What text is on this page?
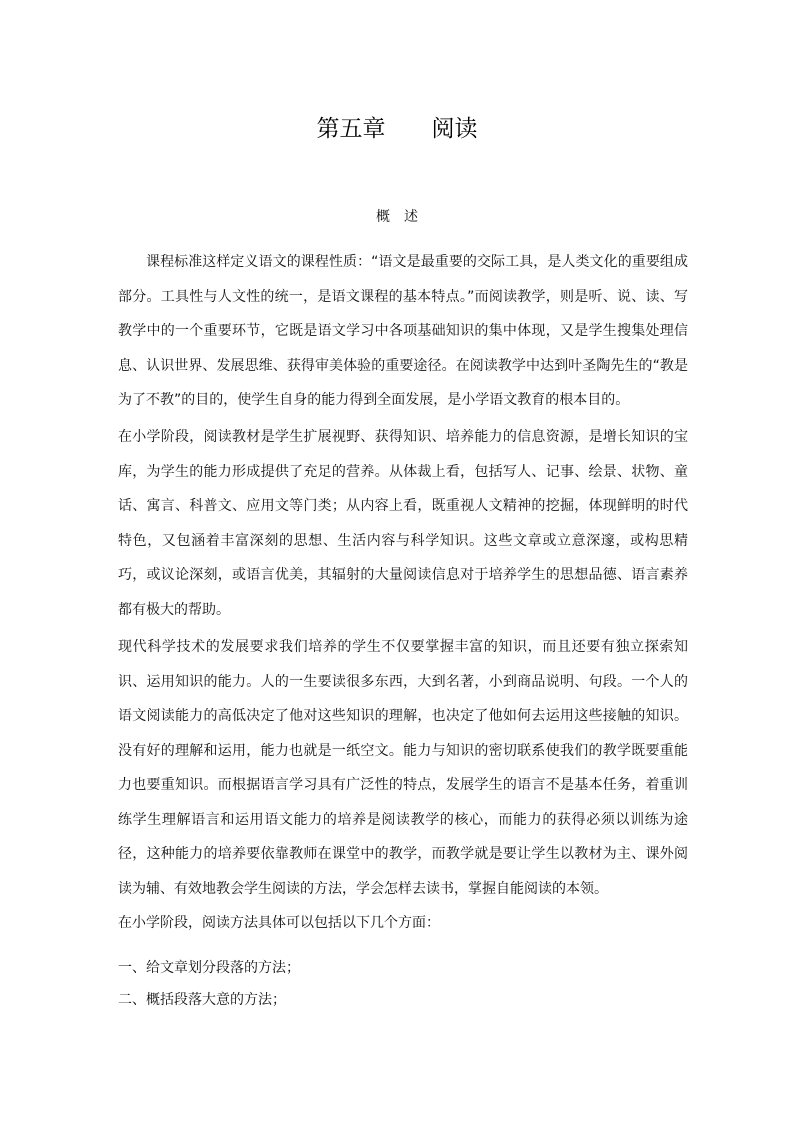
第五章　　阅读
概　述

课程标准这样定义语文的课程性质：“语文是最重要的交际工具，是人类文化的重要组成部分。工具性与人文性的统一，是语文课程的基本特点。”而阅读教学，则是听、说、读、写教学中的一个重要环节，它既是语文学习中各项基础知识的集中体现，又是学生搜集处理信息、认识世界、发展思维、获得审美体验的重要途径。在阅读教学中达到叶圣陶先生的“教是为了不教”的目的，使学生自身的能力得到全面发展，是小学语文教育的根本目的。

在小学阶段，阅读教材是学生扩展视野、获得知识、培养能力的信息资源，是增长知识的宝库，为学生的能力形成提供了充足的营养。从体裁上看，包括写人、记事、绘景、状物、童话、寓言、科普文、应用文等门类；从内容上看，既重视人文精神的挖掘，体现鲜明的时代特色，又包涵着丰富深刻的思想、生活内容与科学知识。这些文章或立意深邃，或构思精巧，或议论深刻，或语言优美，其辐射的大量阅读信息对于培养学生的思想品德、语言素养都有极大的帮助。

现代科学技术的发展要求我们培养的学生不仅要掌握丰富的知识，而且还要有独立探索知识、运用知识的能力。人的一生要读很多东西，大到名著，小到商品说明、句段。一个人的语文阅读能力的高低决定了他对这些知识的理解，也决定了他如何去运用这些接触的知识。没有好的理解和运用，能力也就是一纸空文。能力与知识的密切联系使我们的教学既要重能力也要重知识。而根据语言学习具有广泛性的特点，发展学生的语言不是基本任务，着重训练学生理解语言和运用语文能力的培养是阅读教学的核心，而能力的获得必须以训练为途径，这种能力的培养要依靠教师在课堂中的教学，而教学就是要让学生以教材为主、课外阅读为辅、有效地教会学生阅读的方法，学会怎样去读书，掌握自能阅读的本领。

在小学阶段，阅读方法具体可以包括以下几个方面：
一、给文章划分段落的方法；
二、概括段落大意的方法；
